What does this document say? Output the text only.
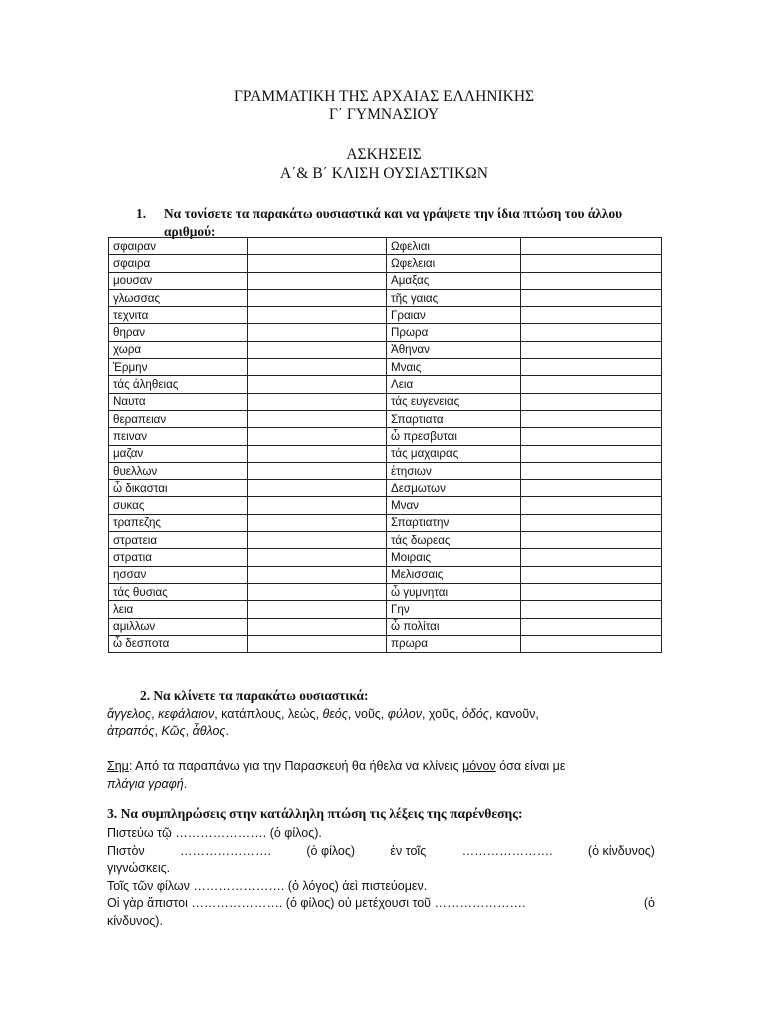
ΓΡΑΜΜΑΤΙΚΗ ΤΗΣ ΑΡΧΑΙΑΣ ΕΛΛΗΝΙΚΗΣ
Γ΄ ΓΥΜΝΑΣΙΟΥ
ΑΣΚΗΣΕΙΣ
Α΄& Β΄ ΚΛΙΣΗ ΟΥΣΙΑΣΤΙΚΩΝ
1. Να τονίσετε τα παρακάτω ουσιαστικά και να γράψετε την ίδια πτώση του άλλου αριθμού:
σφαιραν		Ωφελιαι	
σφαιρα		Ωφελειαι	
μουσαν		Αμαξας	
γλωσσας		τῆς γαιας	
τεχνιτα		Γραιαν	
θηραν		Πρωρα	
χωρα		Ἀθηναν	
Ἑρμην		Μναις	
τάς ἀληθειας		Λεια	
Ναυτα		τάς ευγενειας	
θεραπειαν		Σπαρτιατα	
πειναν		ὦ πρεσβυται	
μαζαν		τάς μαχαιρας	
θυελλων		ἐτησιων	
ὦ δικασται		Δεσμωτων	
συκας		Μναν	
τραπεζης		Σπαρτιατην	
στρατεια		τάς δωρεας	
στρατια		Μοιραις	
ησσαν		Μελισσαις	
τάς θυσιας		ὦ γυμνηται	
λεια		Γην	
αμιλλων		ὦ πολίται	
ὦ δεσποτα		πρωρα	
2. Να κλίνετε τα παρακάτω ουσιαστικά:
ἄγγελος, κεφάλαιον, κατάπλους, λεώς, θεός, νοῦς, φύλον, χοῦς, ὁδός, κανοῦν,
ἀτραπός, Κῶς, ἆθλος.
Σημ: Από τα παραπάνω για την Παρασκευή θα ήθελα να κλίνεις μόνον όσα είναι με
πλάγια γραφή.
3. Να συμπληρώσεις στην κατάλληλη πτώση τις λέξεις της παρένθεσης:
Πιστεύω τῷ …………………. (ὁ φίλος).
Πιστὸν	………………….	(ὁ φίλος)	ἐν τοῖς	………………….	(ὁ κίνδυνος)
γιγνώσκεις.
Τοῖς τῶν φίλων …………………. (ὁ λόγος) ἀεὶ πιστεύομεν.
Οἱ γὰρ ἄπιστοι …………………. (ὁ φίλος) οὐ μετέχουσι τοῦ ………………….	(ὁ
κίνδυνος).
